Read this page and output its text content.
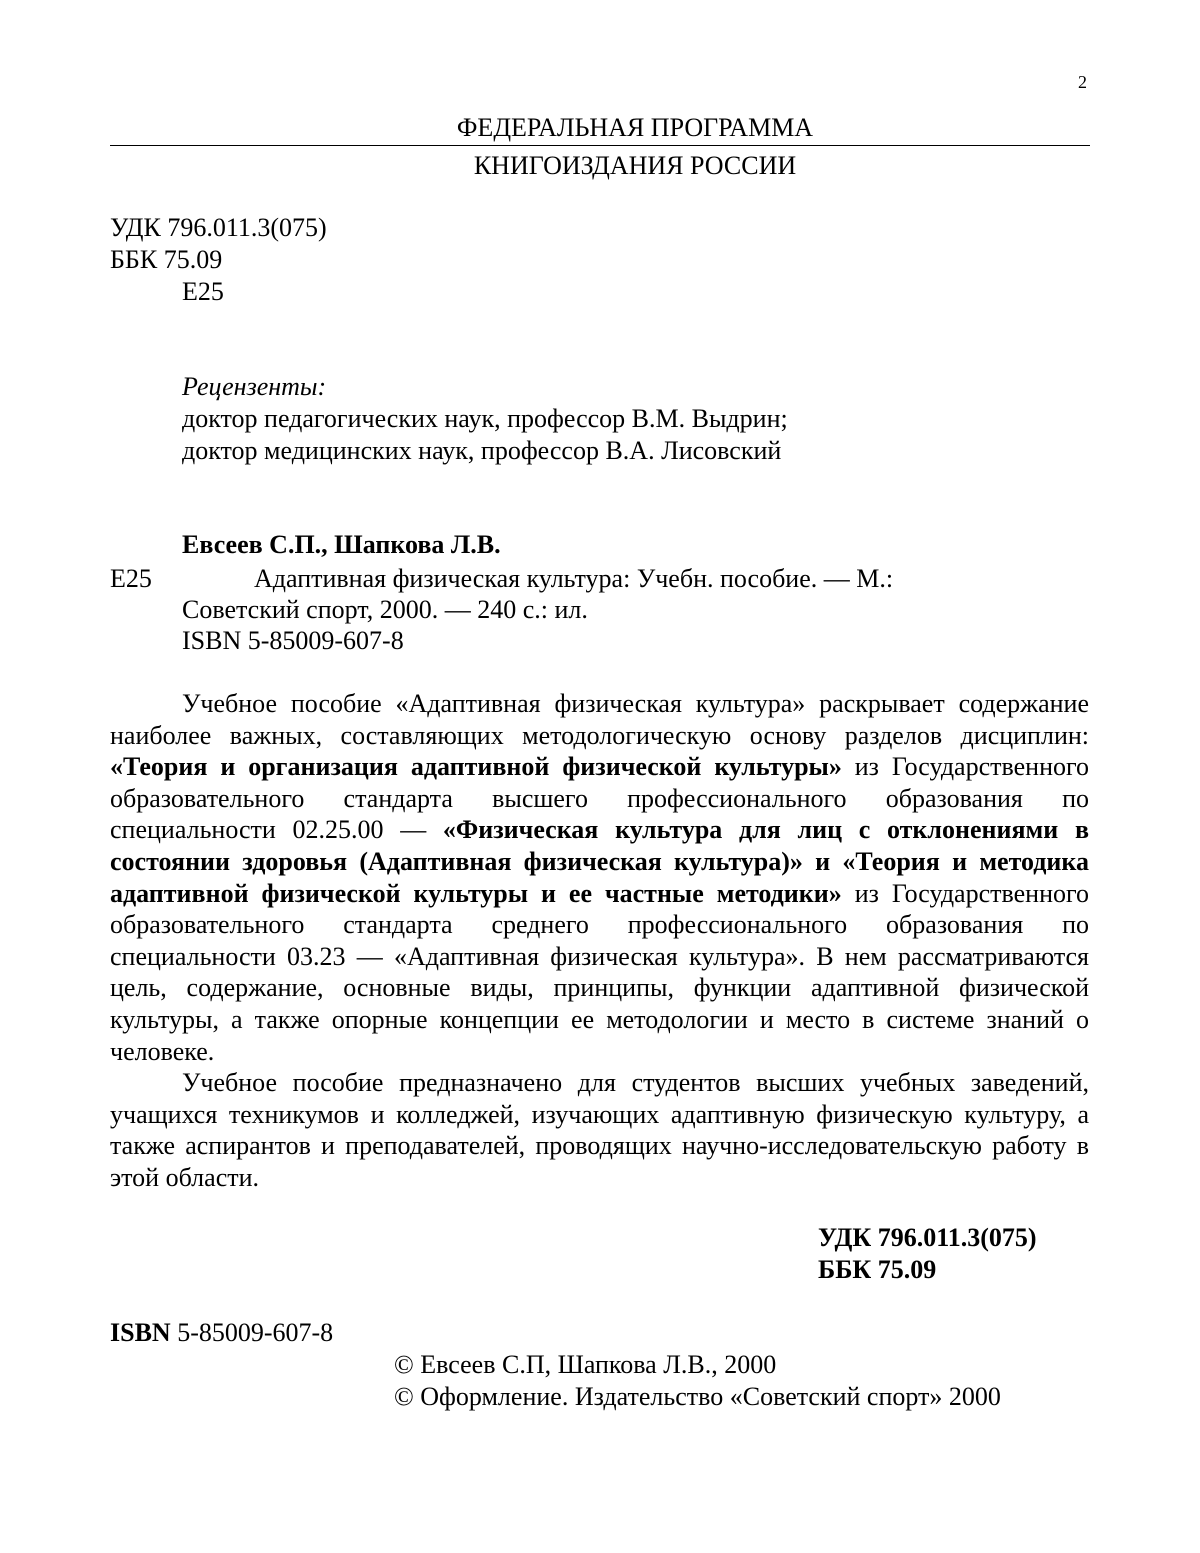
2
ФЕДЕРАЛЬНАЯ ПРОГРАММА
КНИГОИЗДАНИЯ РОССИИ
УДК 796.011.3(075)
ББК 75.09
Е25
Рецензенты:
доктор педагогических наук, профессор В.М. Выдрин;
доктор медицинских наук, профессор В.А. Лисовский
Евсеев С.П., Шапкова Л.В.
Е25	Адаптивная физическая культура: Учебн. пособие. — М.:
Советский спорт, 2000. — 240 с.: ил.
ISBN 5-85009-607-8

Учебное пособие «Адаптивная физическая культура» раскрывает содержание наиболее важных, составляющих методологическую основу разделов дисциплин: «Теория и организация адаптивной физической культуры» из Государственного образовательного стандарта высшего профессионального образования по специальности 02.25.00 — «Физическая культура для лиц с отклонениями в состоянии здоровья (Адаптивная физическая культура)» и «Теория и методика адаптивной физической культуры и ее частные методики» из Государственного образовательного стандарта среднего профессионального образования по специальности 03.23 — «Адаптивная физическая культура». В нем рассматриваются цель, содержание, основные виды, принципы, функции адаптивной физической культуры, а также опорные концепции ее методологии и место в системе знаний о человеке.

Учебное пособие предназначено для студентов высших учебных заведений, учащихся техникумов и колледжей, изучающих адаптивную физическую культуру, а также аспирантов и преподавателей, проводящих научно-исследовательскую работу в этой области.

УДК 796.011.3(075)
ББК 75.09
ISBN 5-85009-607-8
© Евсеев С.П, Шапкова Л.В., 2000
© Оформление. Издательство «Советский спорт» 2000
